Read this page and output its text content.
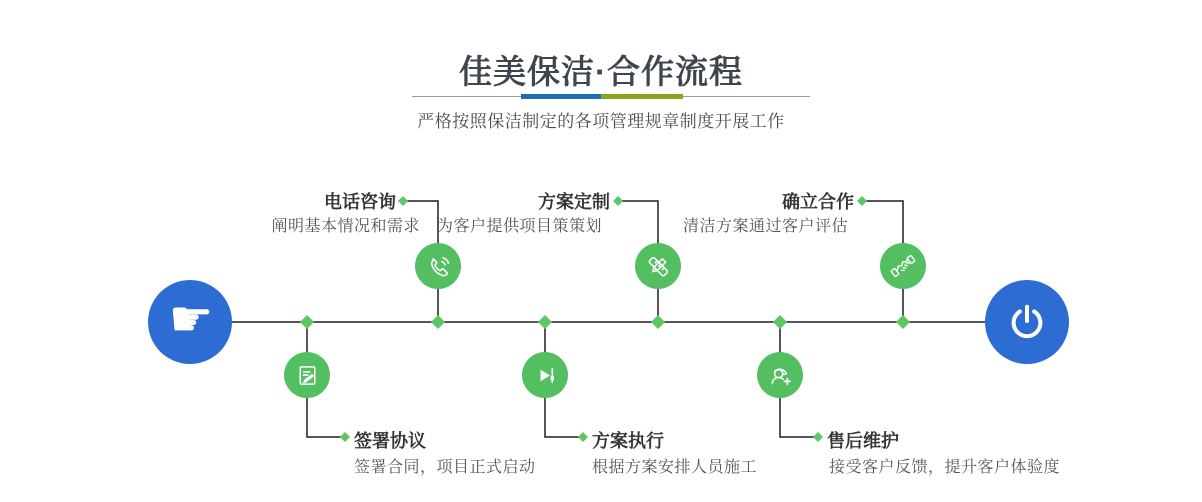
佳美保洁·合作流程

严格按照保洁制定的各项管理规章制度开展工作

☛
电话咨询

阐明基本情况和需求

方案定制

为客户提供项目策策划

确立合作

清洁方案通过客户评估

签署协议

签署合同，项目正式启动

方案执行

根据方案安排人员施工

售后维护

接受客户反馈，提升客户体验度
